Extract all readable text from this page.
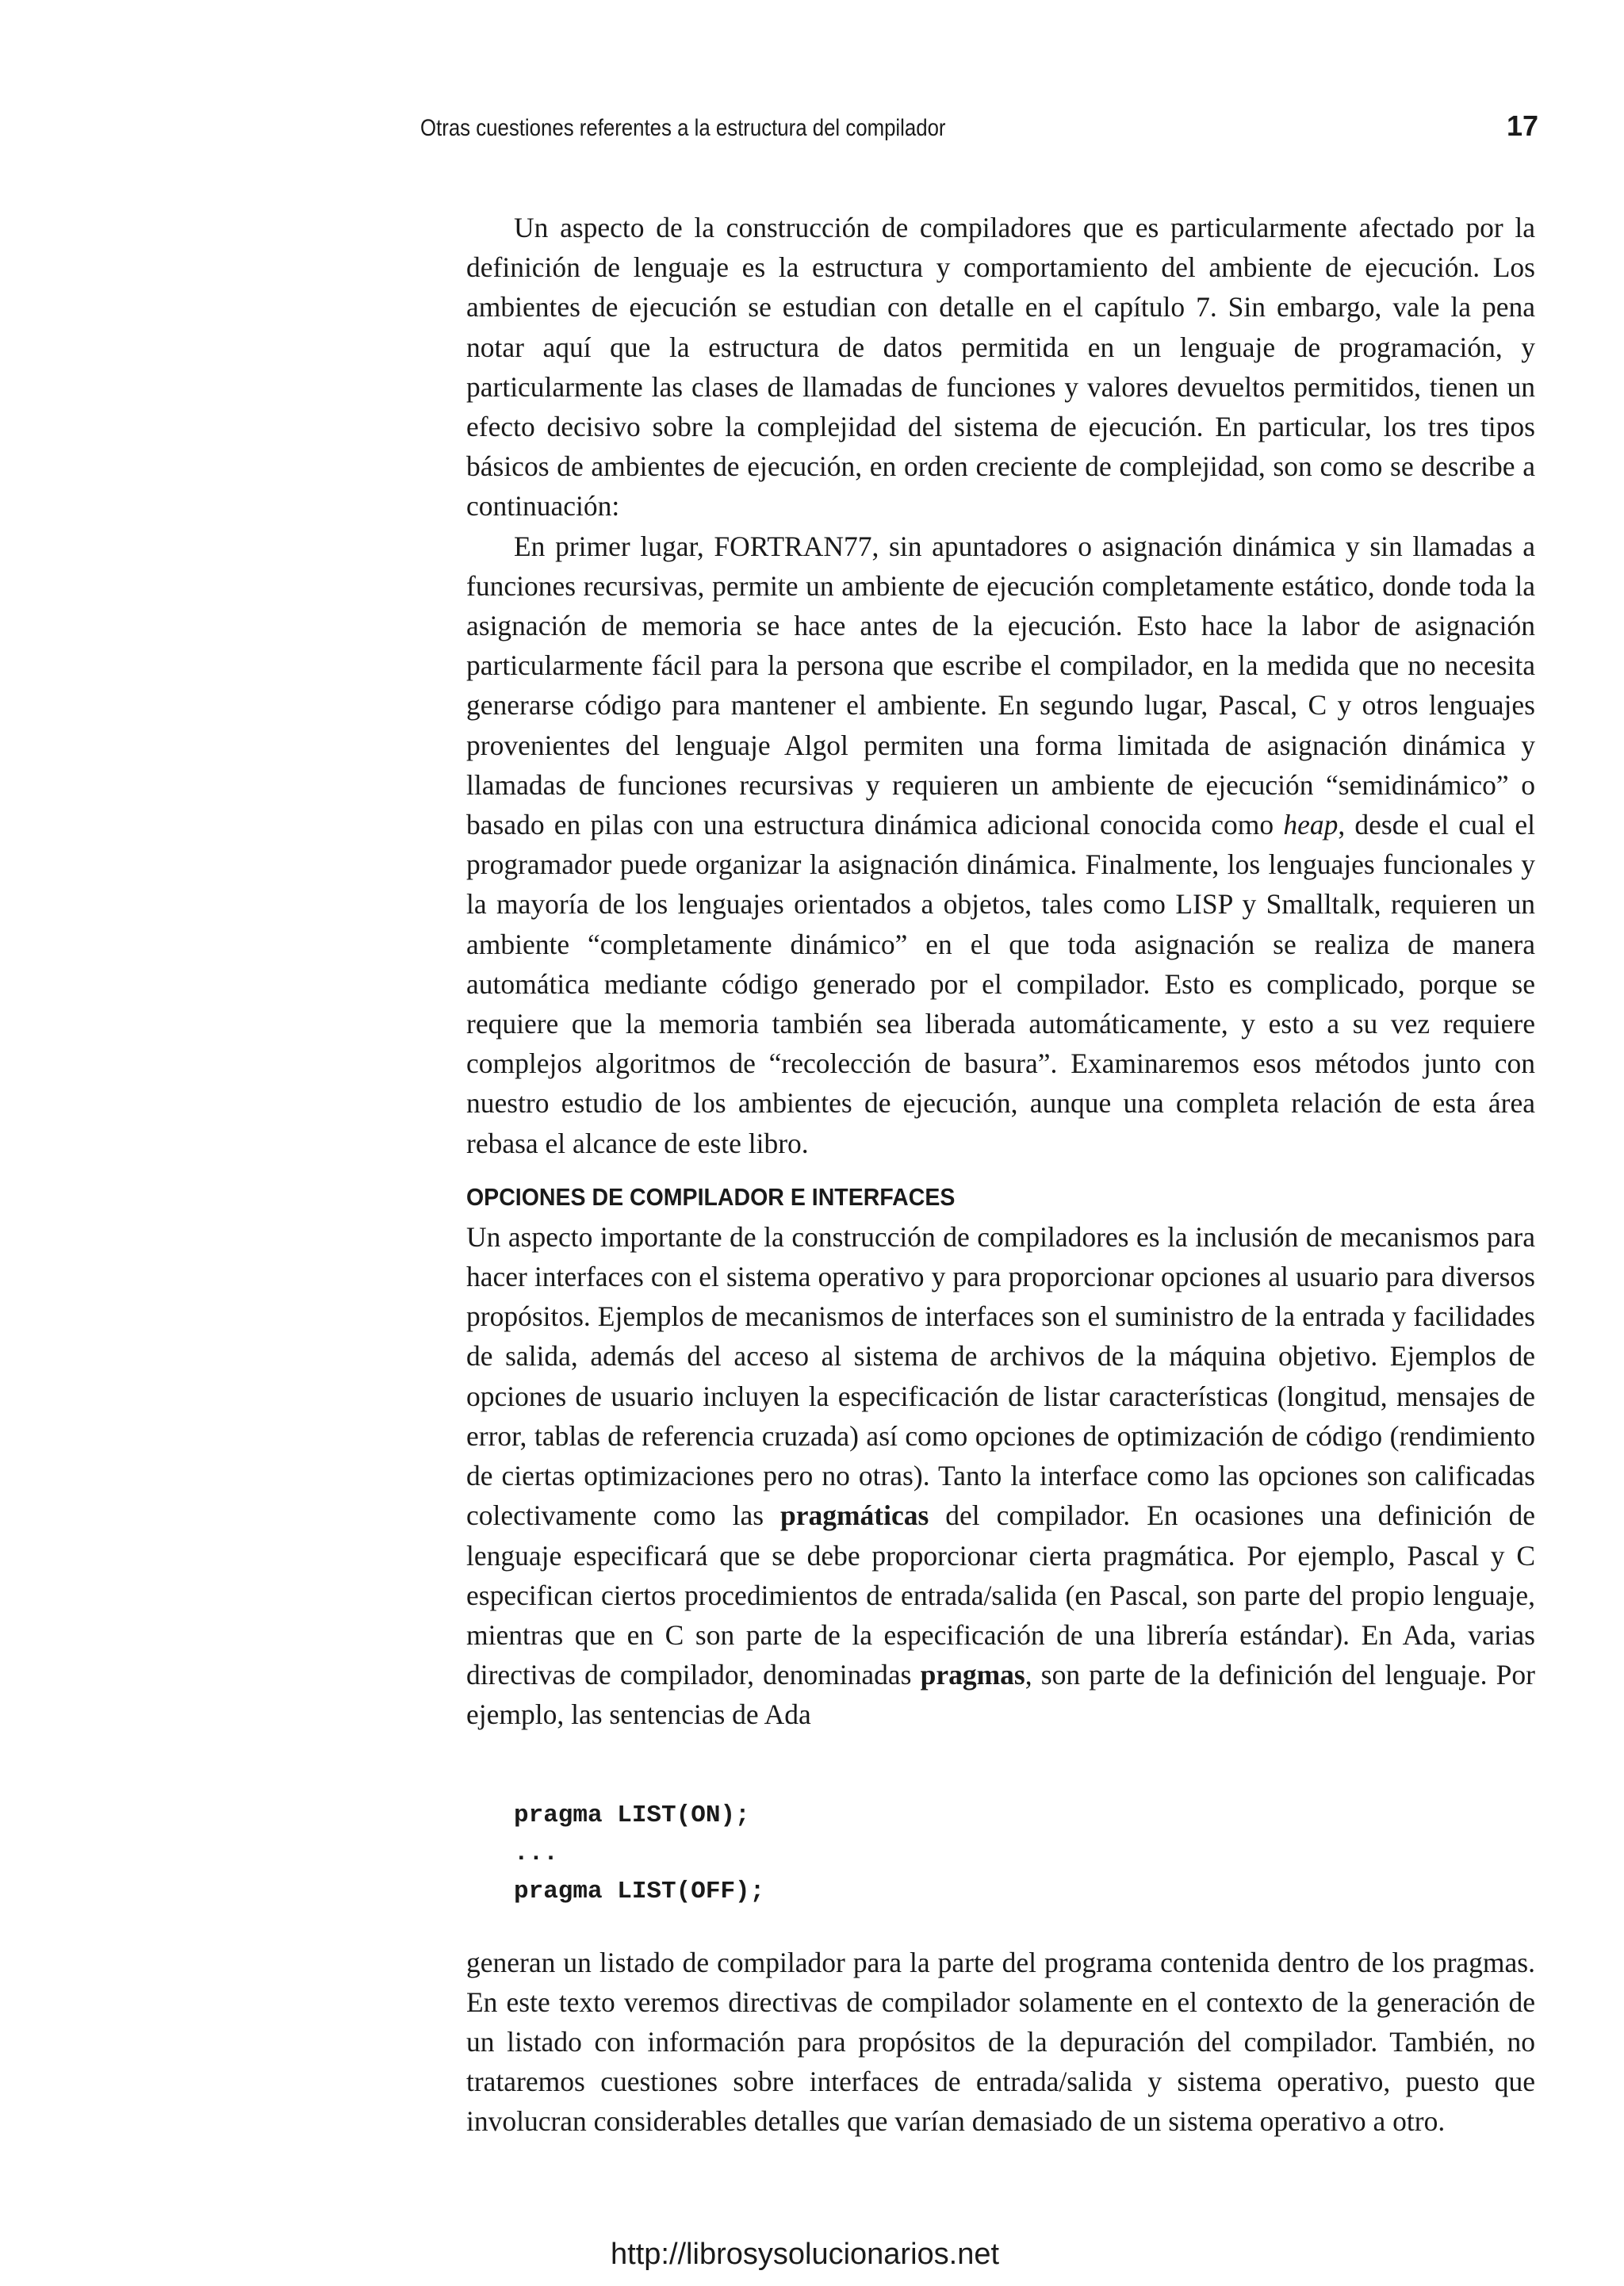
Otras cuestiones referentes a la estructura del compilador	17

Un aspecto de la construcción de compiladores que es particularmente afectado por la definición de lenguaje es la estructura y comportamiento del ambiente de ejecución. Los ambientes de ejecución se estudian con detalle en el capítulo 7. Sin embargo, vale la pena notar aquí que la estructura de datos permitida en un lenguaje de programación, y particularmente las clases de llamadas de funciones y valores devueltos permitidos, tienen un efecto decisivo sobre la complejidad del sistema de ejecución. En particular, los tres tipos básicos de ambientes de ejecución, en orden creciente de complejidad, son como se describe a continuación:

En primer lugar, FORTRAN77, sin apuntadores o asignación dinámica y sin llamadas a funciones recursivas, permite un ambiente de ejecución completamente estático, donde toda la asignación de memoria se hace antes de la ejecución. Esto hace la labor de asignación particularmente fácil para la persona que escribe el compilador, en la medida que no necesita generarse código para mantener el ambiente. En segundo lugar, Pascal, C y otros lenguajes provenientes del lenguaje Algol permiten una forma limitada de asignación dinámica y llamadas de funciones recursivas y requieren un ambiente de ejecución “semidinámico” o basado en pilas con una estructura dinámica adicional conocida como heap, desde el cual el programador puede organizar la asignación dinámica. Finalmente, los lenguajes funcionales y la mayoría de los lenguajes orientados a objetos, tales como LISP y Smalltalk, requieren un ambiente “completamente dinámico” en el que toda asignación se realiza de manera automática mediante código generado por el compilador. Esto es complicado, porque se requiere que la memoria también sea liberada automáticamente, y esto a su vez requiere complejos algoritmos de “recolección de basura”. Examinaremos esos métodos junto con nuestro estudio de los ambientes de ejecución, aunque una completa relación de esta área rebasa el alcance de este libro.

OPCIONES DE COMPILADOR E INTERFACES

Un aspecto importante de la construcción de compiladores es la inclusión de mecanismos para hacer interfaces con el sistema operativo y para proporcionar opciones al usuario para diversos propósitos. Ejemplos de mecanismos de interfaces son el suministro de la entrada y facilidades de salida, además del acceso al sistema de archivos de la máquina objetivo. Ejemplos de opciones de usuario incluyen la especificación de listar características (longitud, mensajes de error, tablas de referencia cruzada) así como opciones de optimización de código (rendimiento de ciertas optimizaciones pero no otras). Tanto la interface como las opciones son calificadas colectivamente como las pragmáticas del compilador. En ocasiones una definición de lenguaje especificará que se debe proporcionar cierta pragmática. Por ejemplo, Pascal y C especifican ciertos procedimientos de entrada/salida (en Pascal, son parte del propio lenguaje, mientras que en C son parte de la especificación de una librería estándar). En Ada, varias directivas de compilador, denominadas pragmas, son parte de la definición del lenguaje. Por ejemplo, las sentencias de Ada

pragma LIST(ON);
...
pragma LIST(OFF);

generan un listado de compilador para la parte del programa contenida dentro de los pragmas. En este texto veremos directivas de compilador solamente en el contexto de la generación de un listado con información para propósitos de la depuración del compilador. También, no trataremos cuestiones sobre interfaces de entrada/salida y sistema operativo, puesto que involucran considerables detalles que varían demasiado de un sistema operativo a otro.

http://librosysolucionarios.net
